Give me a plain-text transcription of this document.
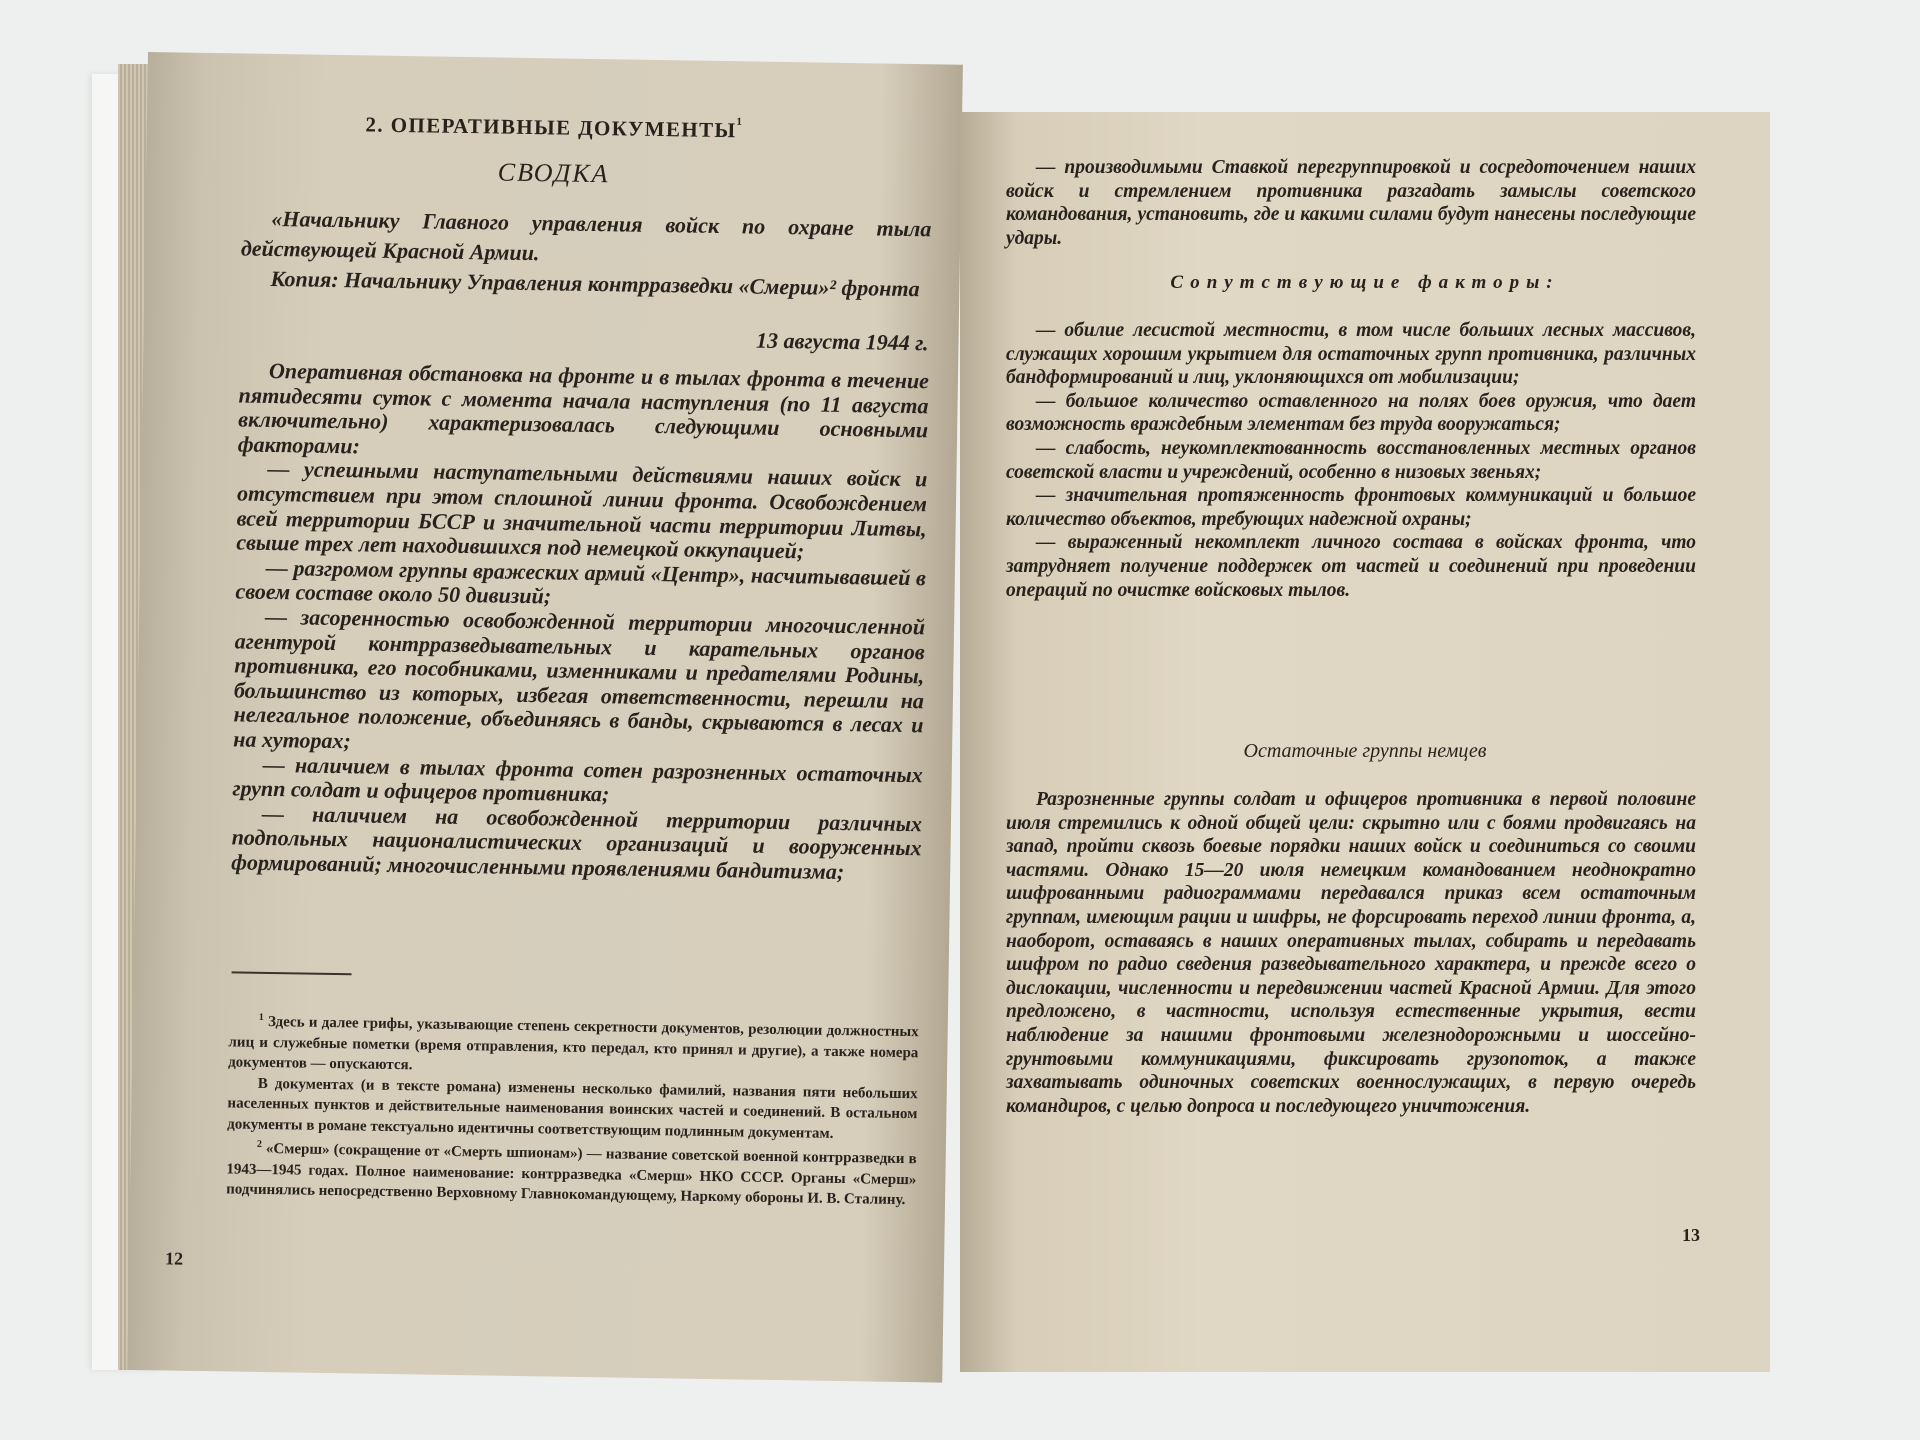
2. ОПЕРАТИВНЫЕ $ДОКУМЕНТЫ^{^1}$
СВОДКА

«Начальнику Главного управления войск по охране тыла действующей Красной Армии.

Копия: Начальнику Управления контрразведки «Смерш»² фронта

13 августа 1944 г.

Оперативная обстановка на фронте и в тылах фронта в течение пятидесяти суток с момента начала наступления (по 11 августа включительно) характеризовалась следующими основными факторами:

— успешными наступательными действиями наших войск и отсутствием при этом сплошной линии фронта. Освобождением всей территории БССР и значительной части территории Литвы, свыше трех лет находившихся под немецкой оккупацией;

— разгромом группы вражеских армий «Центр», насчитывавшей в своем составе около 50 дивизий;

— засоренностью освобожденной территории многочисленной агентурой контрразведывательных и карательных органов противника, его пособниками, изменниками и предателями Родины, большинство из которых, избегая ответственности, перешли на нелегальное положение, объединяясь в банды, скрываются в лесах и на хуторах;

— наличием в тылах фронта сотен разрозненных остаточных групп солдат и офицеров противника;

— наличием на освобожденной территории различных подпольных националистических организаций и вооруженных формирований; многочисленными проявлениями бандитизма;

$^1$ Здесь и далее грифы, указывающие степень секретности документов, резолюции должностных лиц и служебные пометки (время отправления, кто передал, кто принял и другие), а также номера документов — опускаются.

В документах (и в тексте романа) изменены несколько фамилий, названия пяти небольших населенных пунктов и действительные наименования воинских частей и соединений. В остальном документы в романе текстуально идентичны соответствующим подлинным документам.

$^2$ «Смерш» (сокращение от «Смерть шпионам») — название советской военной контрразведки в 1943—1945 годах. Полное наименование: контрразведка «Смерш» НКО СССР. Органы «Смерш» подчинялись непосредственно Верховному Главнокомандующему, Наркому обороны И. В. Сталину.

12

— производимыми Ставкой перегруппировкой и сосредоточением наших войск и стремлением противника разгадать замыслы советского командования, установить, где и какими силами будут нанесены последующие удары.

Сопутствующие факторы:

— обилие лесистой местности, в том числе больших лесных массивов, служащих хорошим укрытием для остаточных групп противника, различных бандформирований и лиц, уклоняющихся от мобилизации;

— большое количество оставленного на полях боев оружия, что дает возможность враждебным элементам без труда вооружаться;

— слабость, неукомплектованность восстановленных местных органов советской власти и учреждений, особенно в низовых звеньях;

— значительная протяженность фронтовых коммуникаций и большое количество объектов, требующих надежной охраны;

— выраженный некомплект личного состава в войсках фронта, что затрудняет получение поддержек от частей и соединений при проведении операций по очистке войсковых тылов.

Остаточные группы немцев

Разрозненные группы солдат и офицеров противника в первой половине июля стремились к одной общей цели: скрытно или с боями продвигаясь на запад, пройти сквозь боевые порядки наших войск и соединиться со своими частями. Однако 15—20 июля немецким командованием неоднократно шифрованными радиограммами передавался приказ всем остаточным группам, имеющим рации и шифры, не форсировать переход линии фронта, а, наоборот, оставаясь в наших оперативных тылах, собирать и передавать шифром по радио сведения разведывательного характера, и прежде всего о дислокации, численности и передвижении частей Красной Армии. Для этого предложено, в частности, используя естественные укрытия, вести наблюдение за нашими фронтовыми железнодорожными и шоссейно-грунтовыми коммуникациями, фиксировать грузопоток, а также захватывать одиночных советских военнослужащих, в первую очередь командиров, с целью допроса и последующего уничтожения.

13
